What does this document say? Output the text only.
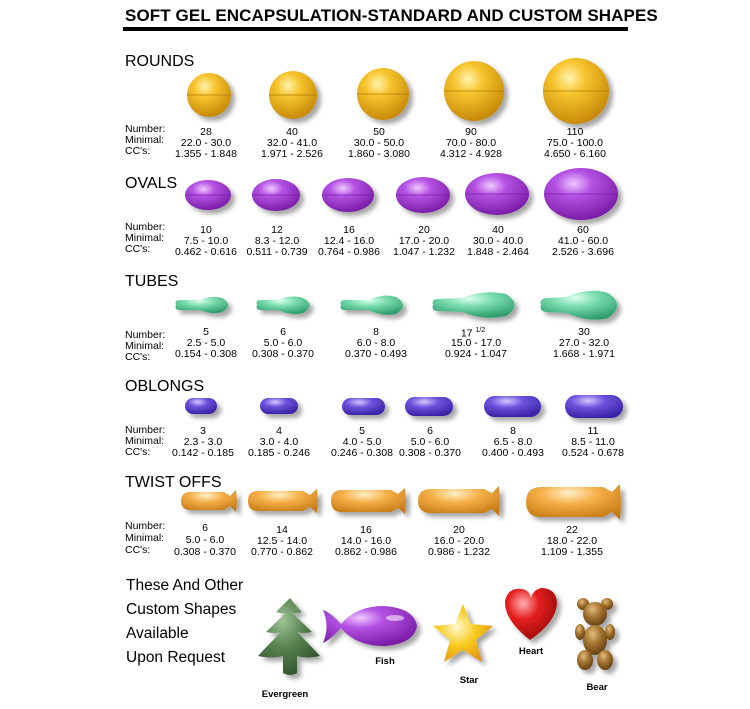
SOFT GEL ENCAPSULATION-STANDARD AND CUSTOM SHAPES
ROUNDS
Number:
Minimal:
CC's:
28
22.0 - 30.0
1.355 - 1.848
40
32.0 - 41.0
1.971 - 2.526
50
30.0 - 50.0
1.860 - 3.080
90
70.0 - 80.0
4.312 - 4.928
110
75.0 - 100.0
4.650 - 6.160
OVALS
Number:
Minimal:
CC's:
10
7.5 - 10.0
0.462 - 0.616
12
8.3 - 12.0
0.511 - 0.739
16
12.4 - 16.0
0.764 - 0.986
20
17.0 - 20.0
1.047 - 1.232
40
30.0 - 40.0
1.848 - 2.464
60
41.0 - 60.0
2.526 - 3.696
TUBES
Number:
Minimal:
CC's:
5
2.5 - 5.0
0.154 - 0.308
6
5.0 - 6.0
0.308 - 0.370
8
6.0 - 8.0
0.370 - 0.493
17 $^{1/2}$
15.0 - 17.0
0.924 - 1.047
30
27.0 - 32.0
1.668 - 1.971
OBLONGS
Number:
Minimal:
CC's:
3
2.3 - 3.0
0.142 - 0.185
4
3.0 - 4.0
0.185 - 0.246
5
4.0 - 5.0
0.246 - 0.308
6
5.0 - 6.0
0.308 - 0.370
8
6.5 - 8.0
0.400 - 0.493
11
8.5 - 11.0
0.524 - 0.678
TWIST OFFS
Number:
Minimal:
CC's:
6
5.0 - 6.0
0.308 - 0.370
14
12.5 - 14.0
0.770 - 0.862
16
14.0 - 16.0
0.862 - 0.986
20
16.0 - 20.0
0.986 - 1.232
22
18.0 - 22.0
1.109 - 1.355
These And Other
Custom Shapes
Available
Upon Request
Evergreen
Fish
Star
Heart
Bear
